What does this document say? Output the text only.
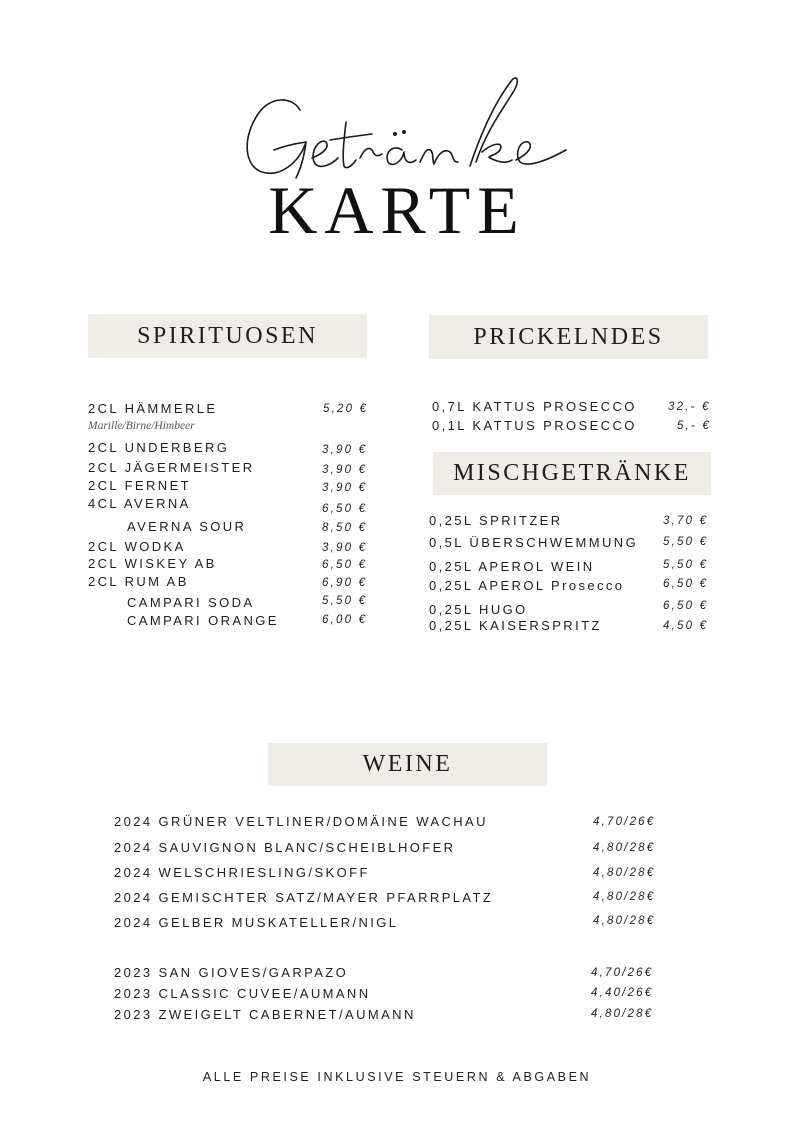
KARTE
SPIRITUOSEN	PRICKELNDES
MISCHGETRÄNKE
WEINE
2CL HÄMMERLE	5,20 €
Marille/Birne/Himbeer
2CL UNDERBERG	3,90 €
2CL JÄGERMEISTER	3,90 €
2CL FERNET	3,90 €
4CL AVERNA	6,50 €
AVERNA SOUR	8,50 €
2CL WODKA	3,90 €
2CL WISKEY AB	6,50 €
2CL RUM AB	6,90 €
CAMPARI SODA	5,50 €
CAMPARI ORANGE	6,00 €
0,7L KATTUS PROSECCO	32,- €
0,1L KATTUS PROSECCO	5,- €
0,25L SPRITZER	3,70 €
0,5L ÜBERSCHWEMMUNG 5,50 €
0,25L APEROL WEIN	5,50 €
0,25L APEROL Prosecco	6,50 €
0,25L HUGO	6,50 €
0,25L KAISERSPRITZ	4,50 €
2024 GRÜNER VELTLINER/DOMÄINE WACHAU	4,70/26€
2024 SAUVIGNON BLANC/SCHEIBLHOFER	4,80/28€
2024 WELSCHRIESLING/SKOFF	4,80/28€
2024 GEMISCHTER SATZ/MAYER PFARRPLATZ	4,80/28€
2024 GELBER MUSKATELLER/NIGL	4,80/28€
2023 SAN GIOVES/GARPAZO	4,70/26€
2023 CLASSIC CUVEE/AUMANN	4,40/26€
2023 ZWEIGELT CABERNET/AUMANN	4,80/28€
ALLE PREISE INKLUSIVE STEUERN & ABGABEN
